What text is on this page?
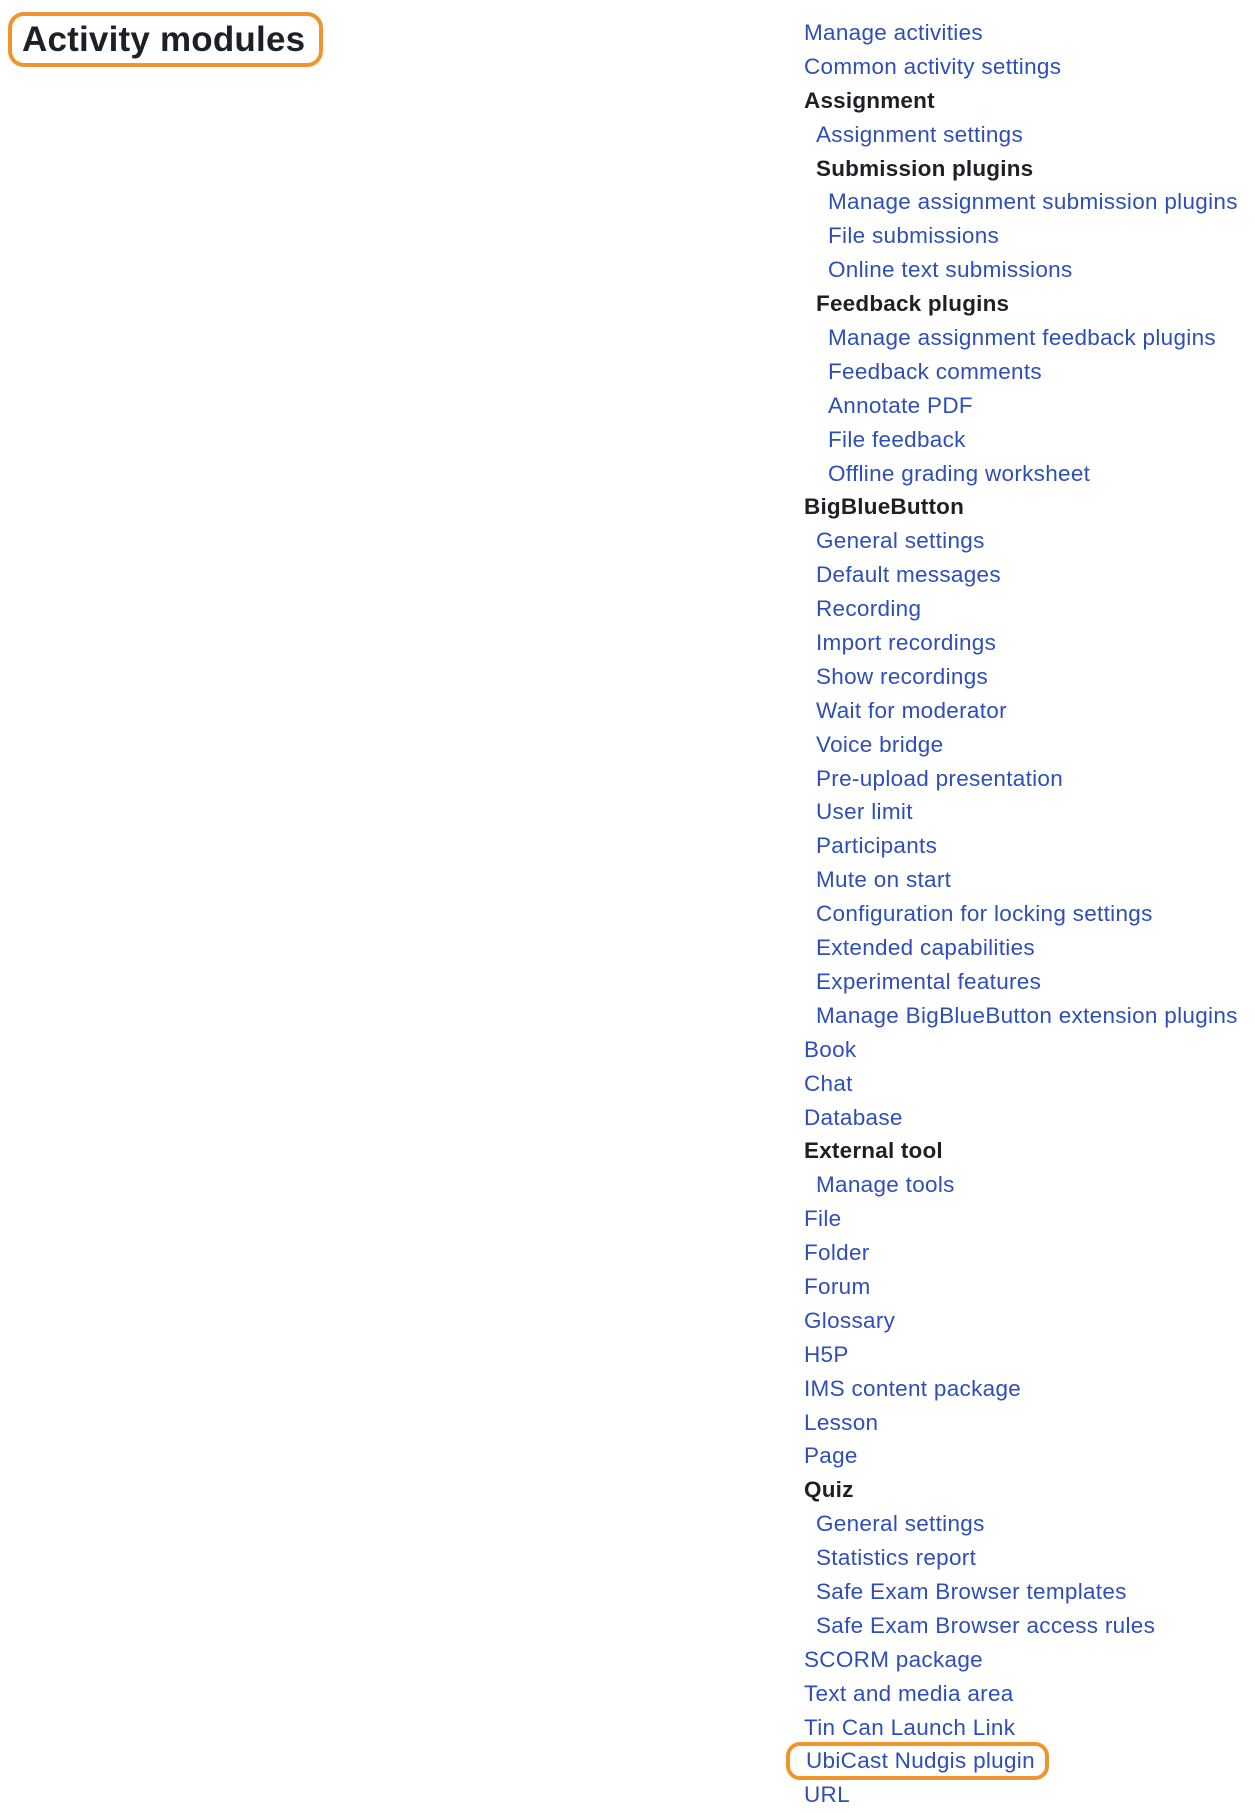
Activity modules	Manage activities
Common activity settings
Assignment
Assignment settings
Submission plugins
Manage assignment submission plugins
File submissions
Online text submissions
Feedback plugins
Manage assignment feedback plugins
Feedback comments
Annotate PDF
File feedback
Offline grading worksheet
BigBlueButton
General settings
Default messages
Recording
Import recordings
Show recordings
Wait for moderator
Voice bridge
Pre-upload presentation
User limit
Participants
Mute on start
Configuration for locking settings
Extended capabilities
Experimental features
Manage BigBlueButton extension plugins
Book
Chat
Database
External tool
Manage tools
File
Folder
Forum
Glossary
H5P
IMS content package
Lesson
Page
Quiz
General settings
Statistics report
Safe Exam Browser templates
Safe Exam Browser access rules
SCORM package
Text and media area
Tin Can Launch Link
UbiCast Nudgis plugin
URL
